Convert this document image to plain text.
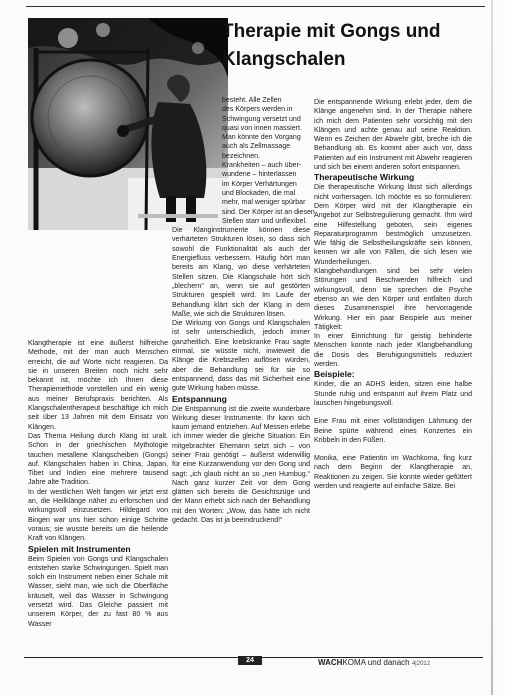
Therapie mit Gongs und
Klangschalen

Klangtherapie ist eine äußerst hilfreiche Methode, mit der man auch Menschen erreicht, die auf Worte nicht reagieren. Da sie in unseren Breiten noch nicht sehr bekannt ist, möchte ich Ihnen diese Therapiemethode vorstellen und ein wenig aus meiner Berufspraxis berichten. Als Klangschalentherapeut beschäftige ich mich seit über 13 Jahren mit dem Einsatz von Klängen.

Das Thema Heilung durch Klang ist uralt. Schon in der griechischen Mythologie tauchen metallene Klangscheiben (Gongs) auf. Klangschalen haben in China, Japan, Tibet und Indien eine mehrere tausend Jahre alte Tradition.

In der westlichen Welt fangen wir jetzt erst an, die Heilklänge näher zu erforschen und wirkungsvoll einzusetzen. Hildegard von Bingen war uns hier schon einige Schritte voraus; sie wusste bereits um die heilende Kraft von Klängen.

Spielen mit Instrumenten

Beim Spielen von Gongs und Klangschalen entstehen starke Schwingungen. Spielt man solch ein Instrument neben einer Schale mit Wasser, sieht man, wie sich die Oberfläche kräuselt, weil das Wasser in Schwingung versetzt wird. Das Gleiche passiert mit unserem Körper, der zu fast 80 % aus Wasser

besteht. Alle Zellen
des Körpers werden in
Schwingung versetzt und
quasi von innen massiert.
Man könnte den Vorgang
auch als Zellmassage
bezeichnen.
Krankheiten – auch über-
wundene – hinterlassen
im Körper Verhärtungen
und Blockaden, die mal
mehr, mal weniger spürbar
sind. Der Körper ist an diesen
Stellen starr und unflexibel.

Die Klanginstrumente können diese verhärteten Strukturen lösen, so dass sich sowohl die Funktionalität als auch der Energiefluss verbessern. Häufig hört man bereits am Klang, wo diese verhärteten Stellen sitzen. Die Klangschale hört sich „blechern“ an, wenn sie auf gestörten Strukturen gespielt wird. Im Laufe der Behandlung klärt sich der Klang in dem Maße, wie sich die Strukturen lösen.

Die Wirkung von Gongs und Klangschalen ist sehr unterschiedlich, jedoch immer ganzheitlich. Eine krebskranke Frau sagte einmal, sie wüsste nicht, inwieweit die Klänge die Krebszellen auflösen würden, aber die Behandlung sei für sie so entspannend, dass das mit Sicherheit eine gute Wirkung haben müsse.

Entspannung

Die Entspannung ist die zweite wunderbare Wirkung dieser Instrumente. Ihr kann sich kaum jemand entziehen. Auf Messen erlebe ich immer wieder die gleiche Situation: Ein mitgebrachter Ehemann setzt sich – von seiner Frau genötigt – äußerst widerwillig für eine Kurzanwendung vor den Gong und sagt: „ich glaub nicht an so „nen Humbug.“ Nach ganz kurzer Zeit vor dem Gong glätten sich bereits die Gesichtszüge und der Mann erhebt sich nach der Behandlung mit den Worten: „Wow, das hätte ich nicht gedacht. Das ist ja beeindruckend!“

Die entspannende Wirkung erlebt jeder, dem die Klänge angenehm sind. In der Therapie nähere ich mich dem Patienten sehr vorsichtig mit den Klängen und achte genau auf seine Reaktion. Wenn es Zeichen der Abwehr gibt, breche ich die Behandlung ab. Es kommt aber auch vor, dass Patienten auf ein Instrument mit Abwehr reagieren und sich bei einem anderen sofort entspannen.

Therapeutische Wirkung

Die therapeutische Wirkung lässt sich allerdings nicht vorhersagen. Ich möchte es so formulieren: Dem Körper wird mit der Klangtherapie ein Angebot zur Selbstregulierung gemacht. Ihm wird eine Hilfestellung geboten, sein eigenes Reparaturprogramm bestmöglich umzusetzen. Wie fähig die Selbstheilungskräfte sein können, kennen wir alle von Fällen, die sich lesen wie Wunderheilungen.

Klangbehandlungen sind bei sehr vielen Störungen und Beschwerden hilfreich und wirkungsvoll, denn sie sprechen die Psyche ebenso an wie den Körper und entfalten durch dieses Zusammenspiel ihre hervorragende Wirkung. Hier ein paar Beispiele aus meiner Tätigkeit:

In einer Einrichtung für geistig behinderte Menschen konnte nach jeder Klangbehandlung die Dosis des Beruhigungsmittels reduziert werden.

Beispiele:

Kinder, die an ADHS leiden, sitzen eine halbe Stunde ruhig und entspannt auf ihrem Platz und lauschen hingebungsvoll.

Eine Frau mit einer vollständigen Lähmung der Beine spürte während eines Konzertes ein Kribbeln in den Füßen.

Monika, eine Patientin im Wachkoma, fing kurz nach dem Beginn der Klangtherapie an, Reaktionen zu zeigen. Sie konnte wieder gefüttert werden und reagierte auf einfache Sätze. Bei

24	WACHKOMA und danach 4|2012
